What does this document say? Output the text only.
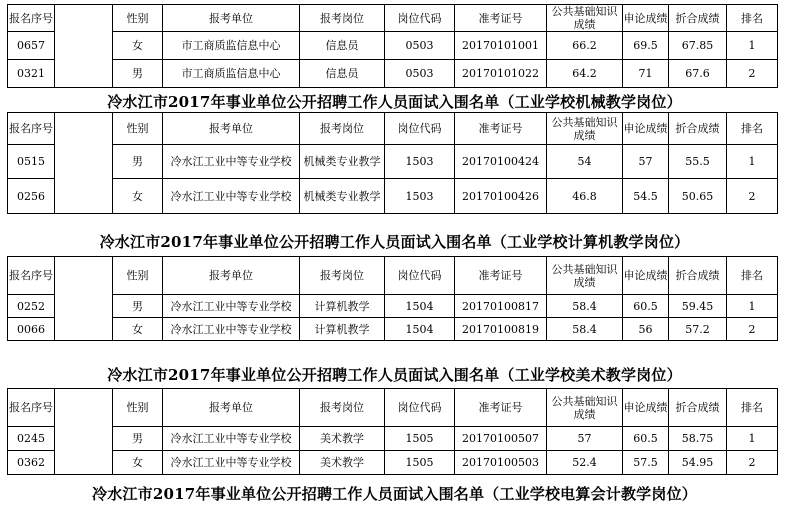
报名序号		性别	报考单位	报考岗位	岗位代码	准考证号	公共基础知识成绩	申论成绩	折合成绩	排名
0657		女	市工商质监信息中心	信息员	0503	20170101001	66.2	69.5	67.85	1
0321		男	市工商质监信息中心	信息员	0503	20170101022	64.2	71	67.6	2
冷水江市2017年事业单位公开招聘工作人员面试入围名单（工业学校机械教学岗位）
报名序号		性别	报考单位	报考岗位	岗位代码	准考证号	公共基础知识成绩	申论成绩	折合成绩	排名
0515		男	冷水江工业中等专业学校	机械类专业教学	1503	20170100424	54	57	55.5	1
0256		女	冷水江工业中等专业学校	机械类专业教学	1503	20170100426	46.8	54.5	50.65	2
冷水江市2017年事业单位公开招聘工作人员面试入围名单（工业学校计算机教学岗位）
报名序号		性别	报考单位	报考岗位	岗位代码	准考证号	公共基础知识成绩	申论成绩	折合成绩	排名
0252		男	冷水江工业中等专业学校	计算机教学	1504	20170100817	58.4	60.5	59.45	1
0066		女	冷水江工业中等专业学校	计算机教学	1504	20170100819	58.4	56	57.2	2
冷水江市2017年事业单位公开招聘工作人员面试入围名单（工业学校美术教学岗位）
报名序号		性别	报考单位	报考岗位	岗位代码	准考证号	公共基础知识成绩	申论成绩	折合成绩	排名
0245		男	冷水江工业中等专业学校	美术教学	1505	20170100507	57	60.5	58.75	1
0362		女	冷水江工业中等专业学校	美术教学	1505	20170100503	52.4	57.5	54.95	2
冷水江市2017年事业单位公开招聘工作人员面试入围名单（工业学校电算会计教学岗位）
